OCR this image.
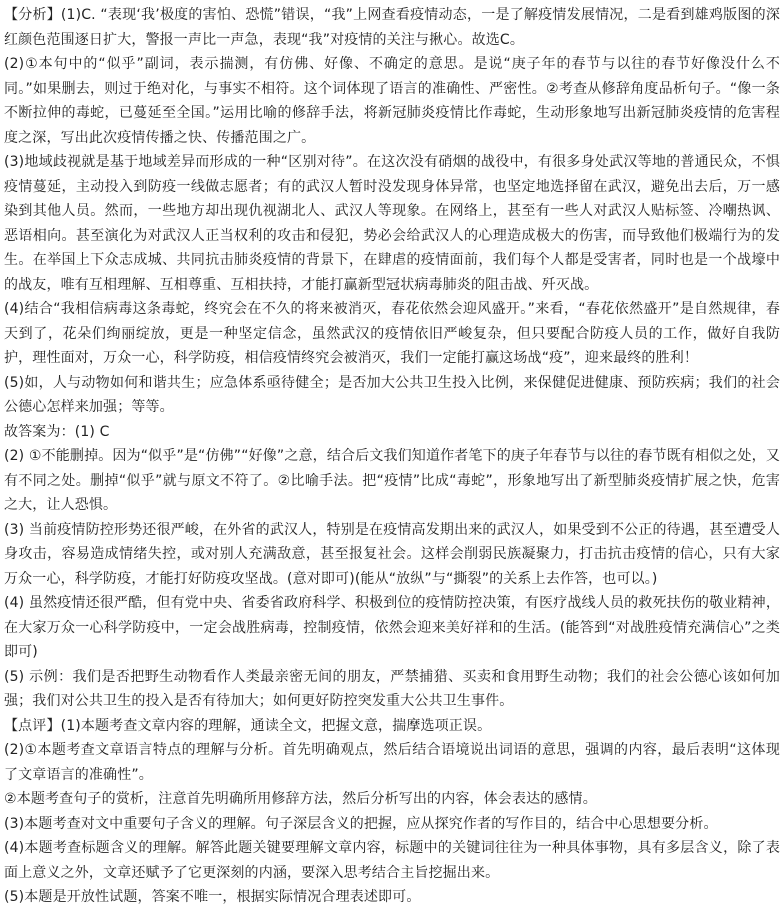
【分析】(1)C. “表现‘我’极度的害怕、恐慌”错误，“我”上网查看疫情动态，一是了解疫情发展情况，二是看到雄鸡版图的深红颜色范围逐日扩大，警报一声比一声急，表现“我”对疫情的关注与揪心。故选C。

(2)①本句中的“似乎”副词，表示揣测，有仿佛、好像、不确定的意思。是说“庚子年的春节与以往的春节好像没什么不同。”如果删去，则过于绝对化，与事实不相符。这个词体现了语言的准确性、严密性。②考查从修辞角度品析句子。“像一条不断拉伸的毒蛇，已蔓延至全国。”运用比喻的修辞手法，将新冠肺炎疫情比作毒蛇，生动形象地写出新冠肺炎疫情的危害程度之深，写出此次疫情传播之快、传播范围之广。

(3)地域歧视就是基于地域差异而形成的一种“区别对待”。在这次没有硝烟的战役中，有很多身处武汉等地的普通民众，不惧疫情蔓延，主动投入到防疫一线做志愿者；有的武汉人暂时没发现身体异常，也坚定地选择留在武汉，避免出去后，万一感染到其他人员。然而，一些地方却出现仇视湖北人、武汉人等现象。在网络上，甚至有一些人对武汉人贴标签、冷嘲热讽、恶语相向。甚至演化为对武汉人正当权利的攻击和侵犯，势必会给武汉人的心理造成极大的伤害，而导致他们极端行为的发生。在举国上下众志成城、共同抗击肺炎疫情的背景下，在肆虐的疫情面前，我们每个人都是受害者，同时也是一个战壕中的战友，唯有互相理解、互相尊重、互相扶持，才能打赢新型冠状病毒肺炎的阻击战、歼灭战。

(4)结合“我相信病毒这条毒蛇，终究会在不久的将来被消灭，春花依然会迎风盛开。”来看，“春花依然盛开”是自然规律，春天到了，花朵们绚丽绽放，更是一种坚定信念，虽然武汉的疫情依旧严峻复杂，但只要配合防疫人员的工作，做好自我防护，理性面对，万众一心，科学防疫，相信疫情终究会被消灭，我们一定能打赢这场战“疫”，迎来最终的胜利！

(5)如，人与动物如何和谐共生；应急体系亟待健全；是否加大公共卫生投入比例，来保健促进健康、预防疾病；我们的社会公德心怎样来加强；等等。

故答案为：(1) C

(2) ①不能删掉。因为“似乎”是“仿佛”“好像”之意，结合后文我们知道作者笔下的庚子年春节与以往的春节既有相似之处，又有不同之处。删掉“似乎”就与原文不符了。②比喻手法。把“疫情”比成“毒蛇”，形象地写出了新型肺炎疫情扩展之快，危害之大，让人恐惧。

(3) 当前疫情防控形势还很严峻，在外省的武汉人，特别是在疫情高发期出来的武汉人，如果受到不公正的待遇，甚至遭受人身攻击，容易造成情绪失控，或对别人充满敌意，甚至报复社会。这样会削弱民族凝聚力，打击抗击疫情的信心，只有大家万众一心，科学防疫，才能打好防疫攻坚战。(意对即可)(能从“放纵”与“撕裂”的关系上去作答，也可以。)

(4) 虽然疫情还很严酷，但有党中央、省委省政府科学、积极到位的疫情防控决策，有医疗战线人员的救死扶伤的敬业精神，在大家万众一心科学防疫中，一定会战胜病毒，控制疫情，依然会迎来美好祥和的生活。(能答到“对战胜疫情充满信心”之类即可)

(5) 示例：我们是否把野生动物看作人类最亲密无间的朋友，严禁捕猎、买卖和食用野生动物；我们的社会公德心该如何加强；我们对公共卫生的投入是否有待加大；如何更好防控突发重大公共卫生事件。

【点评】(1)本题考查文章内容的理解，通读全文，把握文意，揣摩选项正误。

(2)①本题考查文章语言特点的理解与分析。首先明确观点，然后结合语境说出词语的意思，强调的内容，最后表明“这体现了文章语言的准确性”。

②本题考查句子的赏析，注意首先明确所用修辞方法，然后分析写出的内容，体会表达的感情。

(3)本题考查对文中重要句子含义的理解。句子深层含义的把握，应从探究作者的写作目的，结合中心思想要分析。

(4)本题考查标题含义的理解。解答此题关键要理解文章内容，标题中的关键词往往为一种具体事物，具有多层含义，除了表面上意义之外，文章还赋予了它更深刻的内涵，要深入思考结合主旨挖掘出来。

(5)本题是开放性试题，答案不唯一，根据实际情况合理表述即可。
